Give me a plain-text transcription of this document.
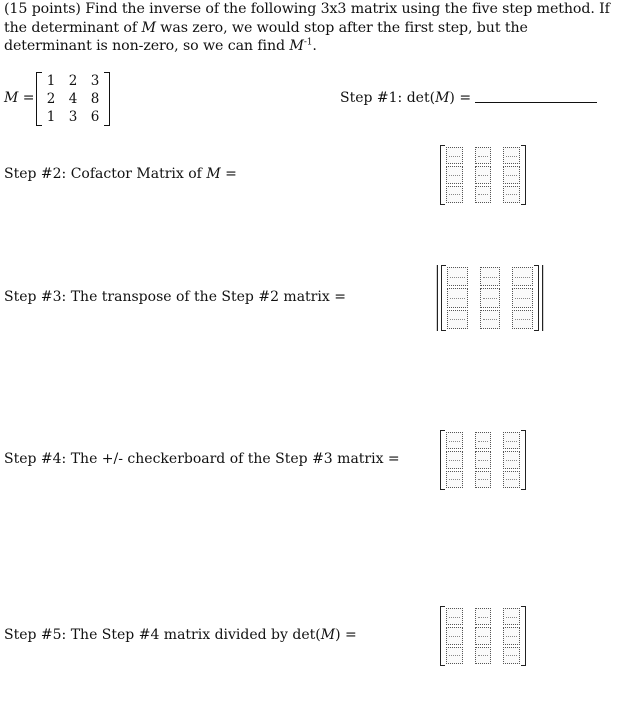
(15 points) Find the inverse of the following 3x3 matrix using the five step method. If the determinant of M was zero, we would stop after the first step, but the determinant is non-zero, so we can find $M^{-1}$.
M =
1 2 3
2 4 8
1 3 6
Step #1: det(M) =
Step #2: Cofactor Matrix of M =
Step #3: The transpose of the Step #2 matrix =
Step #4: The +/- checkerboard of the Step #3 matrix =
Step #5: The Step #4 matrix divided by det(M) =
